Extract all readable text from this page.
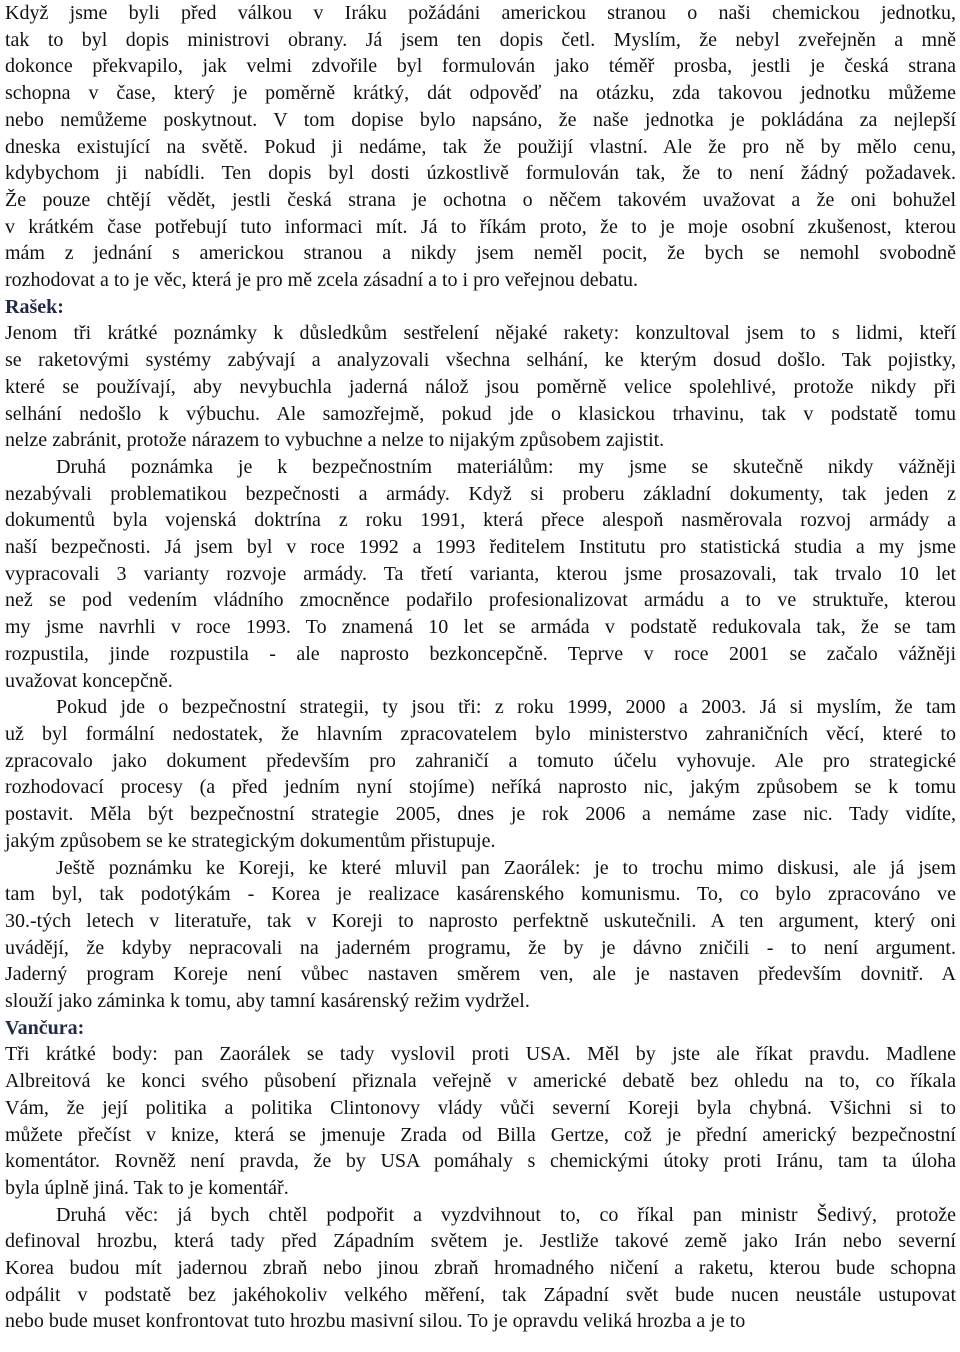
Když jsme byli před válkou v Iráku požádáni americkou stranou o naši chemickou jednotku,
tak to byl dopis ministrovi obrany. Já jsem ten dopis četl. Myslím, že nebyl zveřejněn a mně
dokonce překvapilo, jak velmi zdvořile byl formulován jako téměř prosba, jestli je česká strana
schopna v čase, který je poměrně krátký, dát odpověď na otázku, zda takovou jednotku můžeme
nebo nemůžeme poskytnout. V tom dopise bylo napsáno, že naše jednotka je pokládána za nejlepší
dneska existující na světě. Pokud ji nedáme, tak že použijí vlastní. Ale že pro ně by mělo cenu,
kdybychom ji nabídli. Ten dopis byl dosti úzkostlivě formulován tak, že to není žádný požadavek.
Že pouze chtějí vědět, jestli česká strana je ochotna o něčem takovém uvažovat a že oni bohužel
v krátkém čase potřebují tuto informaci mít. Já to říkám proto, že to je moje osobní zkušenost, kterou
mám z jednání s americkou stranou a nikdy jsem neměl pocit, že bych se nemohl svobodně
rozhodovat a to je věc, která je pro mě zcela zásadní a to i pro veřejnou debatu.

Rašek:

Jenom tři krátké poznámky k důsledkům sestřelení nějaké rakety: konzultoval jsem to s lidmi, kteří
se raketovými systémy zabývají a analyzovali všechna selhání, ke kterým dosud došlo. Tak pojistky,
které se používají, aby nevybuchla jaderná nálož jsou poměrně velice spolehlivé, protože nikdy při
selhání nedošlo k výbuchu. Ale samozřejmě, pokud jde o klasickou trhavinu, tak v podstatě tomu
nelze zabránit, protože nárazem to vybuchne a nelze to nijakým způsobem zajistit.

Druhá poznámka je k bezpečnostním materiálům: my jsme se skutečně nikdy vážněji
nezabývali problematikou bezpečnosti a armády. Když si proberu základní dokumenty, tak jeden z
dokumentů byla vojenská doktrína z roku 1991, která přece alespoň nasměrovala rozvoj armády a
naší bezpečnosti. Já jsem byl v roce 1992 a 1993 ředitelem Institutu pro statistická studia a my jsme
vypracovali 3 varianty rozvoje armády. Ta třetí varianta, kterou jsme prosazovali, tak trvalo 10 let
než se pod vedením vládního zmocněnce podařilo profesionalizovat armádu a to ve struktuře, kterou
my jsme navrhli v roce 1993. To znamená 10 let se armáda v podstatě redukovala tak, že se tam
rozpustila, jinde rozpustila - ale naprosto bezkoncepčně. Teprve v roce 2001 se začalo vážněji
uvažovat koncepčně.

Pokud jde o bezpečnostní strategii, ty jsou tři: z roku 1999, 2000 a 2003. Já si myslím, že tam
už byl formální nedostatek, že hlavním zpracovatelem bylo ministerstvo zahraničních věcí, které to
zpracovalo jako dokument především pro zahraničí a tomuto účelu vyhovuje. Ale pro strategické
rozhodovací procesy (a před jedním nyní stojíme) neříká naprosto nic, jakým způsobem se k tomu
postavit. Měla být bezpečnostní strategie 2005, dnes je rok 2006 a nemáme zase nic. Tady vidíte,
jakým způsobem se ke strategickým dokumentům přistupuje.

Ještě poznámku ke Koreji, ke které mluvil pan Zaorálek: je to trochu mimo diskusi, ale já jsem
tam byl, tak podotýkám - Korea je realizace kasárenského komunismu. To, co bylo zpracováno ve
30.-tých letech v literatuře, tak v Koreji to naprosto perfektně uskutečnili. A ten argument, který oni
uvádějí, že kdyby nepracovali na jaderném programu, že by je dávno zničili - to není argument.
Jaderný program Koreje není vůbec nastaven směrem ven, ale je nastaven především dovnitř. A
slouží jako záminka k tomu, aby tamní kasárenský režim vydržel.

Vančura:

Tři krátké body: pan Zaorálek se tady vyslovil proti USA. Měl by jste ale říkat pravdu. Madlene
Albreitová ke konci svého působení přiznala veřejně v americké debatě bez ohledu na to, co říkala
Vám, že její politika a politika Clintonovy vlády vůči severní Koreji byla chybná. Všichni si to
můžete přečíst v knize, která se jmenuje Zrada od Billa Gertze, což je přední americký bezpečnostní
komentátor. Rovněž není pravda, že by USA pomáhaly s chemickými útoky proti Iránu, tam ta úloha
byla úplně jiná. Tak to je komentář.

Druhá věc: já bych chtěl podpořit a vyzdvihnout to, co říkal pan ministr Šedivý, protože
definoval hrozbu, která tady před Západním světem je. Jestliže takové země jako Irán nebo severní
Korea budou mít jadernou zbraň nebo jinou zbraň hromadného ničení a raketu, kterou bude schopna
odpálit v podstatě bez jakéhokoliv velkého měření, tak Západní svět bude nucen neustále ustupovat
nebo bude muset konfrontovat tuto hrozbu masivní silou. To je opravdu veliká hrozba a je to
